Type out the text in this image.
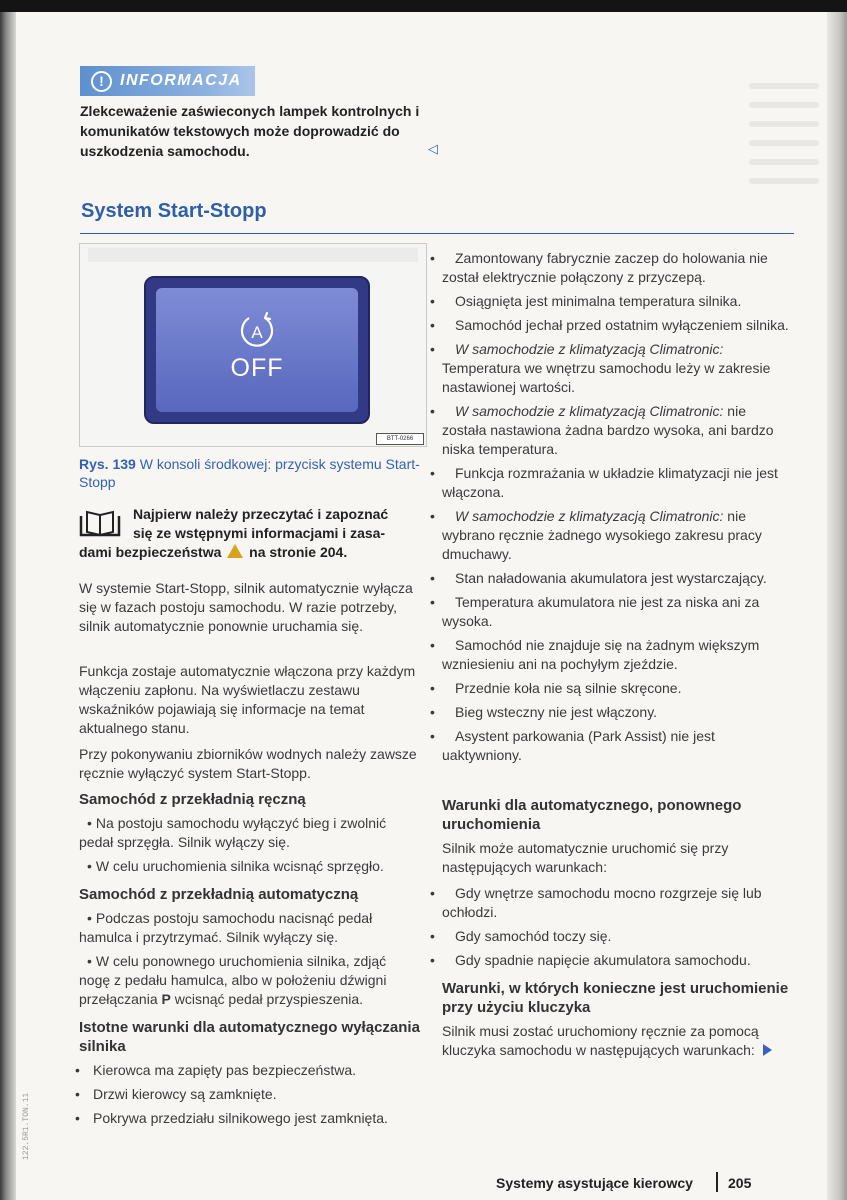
122.5R1.TON.11
!	INFORMACJA
Zlekceważenie zaświeconych lampek kontrolnych i komunikatów tekstowych może doprowadzić do uszkodzenia samochodu.	◁
System Start-Stopp
A
OFF
BTT-0266
Rys. 139 W konsoli środkowej: przycisk systemu Start-Stopp
Najpierw należy przeczytać i zapoznać
się ze wstępnymi informacjami i zasa-
dami bezpieczeństwa na stronie 204.
W systemie Start-Stopp, silnik automatycznie wyłącza się w fazach postoju samochodu. W razie potrzeby, silnik automatycznie ponownie uruchamia się.
Funkcja zostaje automatycznie włączona przy każdym włączeniu zapłonu. Na wyświetlaczu zestawu wskaźników pojawiają się informacje na temat aktualnego stanu.
Przy pokonywaniu zbiorników wodnych należy zawsze ręcznie wyłączyć system Start-Stopp.
Samochód z przekładnią ręczną
• Na postoju samochodu wyłączyć bieg i zwolnić pedał sprzęgła. Silnik wyłączy się.
• W celu uruchomienia silnika wcisnąć sprzęgło.
Samochód z przekładnią automatyczną
• Podczas postoju samochodu nacisnąć pedał hamulca i przytrzymać. Silnik wyłączy się.
• W celu ponownego uruchomienia silnika, zdjąć nogę z pedału hamulca, albo w położeniu dźwigni przełączania P wcisnąć pedał przyspieszenia.
Istotne warunki dla automatycznego wyłączania silnika
• Kierowca ma zapięty pas bezpieczeństwa.
• Drzwi kierowcy są zamknięte.
• Pokrywa przedziału silnikowego jest zamknięta.
• Zamontowany fabrycznie zaczep do holowania nie został elektrycznie połączony z przyczepą.
• Osiągnięta jest minimalna temperatura silnika.
• Samochód jechał przed ostatnim wyłączeniem silnika.
• W samochodzie z klimatyzacją Climatronic: Temperatura we wnętrzu samochodu leży w zakresie nastawionej wartości.
• W samochodzie z klimatyzacją Climatronic: nie została nastawiona żadna bardzo wysoka, ani bardzo niska temperatura.
• Funkcja rozmrażania w układzie klimatyzacji nie jest włączona.
• W samochodzie z klimatyzacją Climatronic: nie wybrano ręcznie żadnego wysokiego zakresu pracy dmuchawy.
• Stan naładowania akumulatora jest wystarczający.
• Temperatura akumulatora nie jest za niska ani za wysoka.
• Samochód nie znajduje się na żadnym większym wzniesieniu ani na pochyłym zjeździe.
• Przednie koła nie są silnie skręcone.
• Bieg wsteczny nie jest włączony.
• Asystent parkowania (Park Assist) nie jest uaktywniony.
Warunki dla automatycznego, ponownego uruchomienia
Silnik może automatycznie uruchomić się przy następujących warunkach:
• Gdy wnętrze samochodu mocno rozgrzeje się lub ochłodzi.
• Gdy samochód toczy się.
• Gdy spadnie napięcie akumulatora samochodu.
Warunki, w których konieczne jest uruchomienie przy użyciu kluczyka
Silnik musi zostać uruchomiony ręcznie za pomocą kluczyka samochodu w następujących warunkach:
Systemy asystujące kierowcy	205
